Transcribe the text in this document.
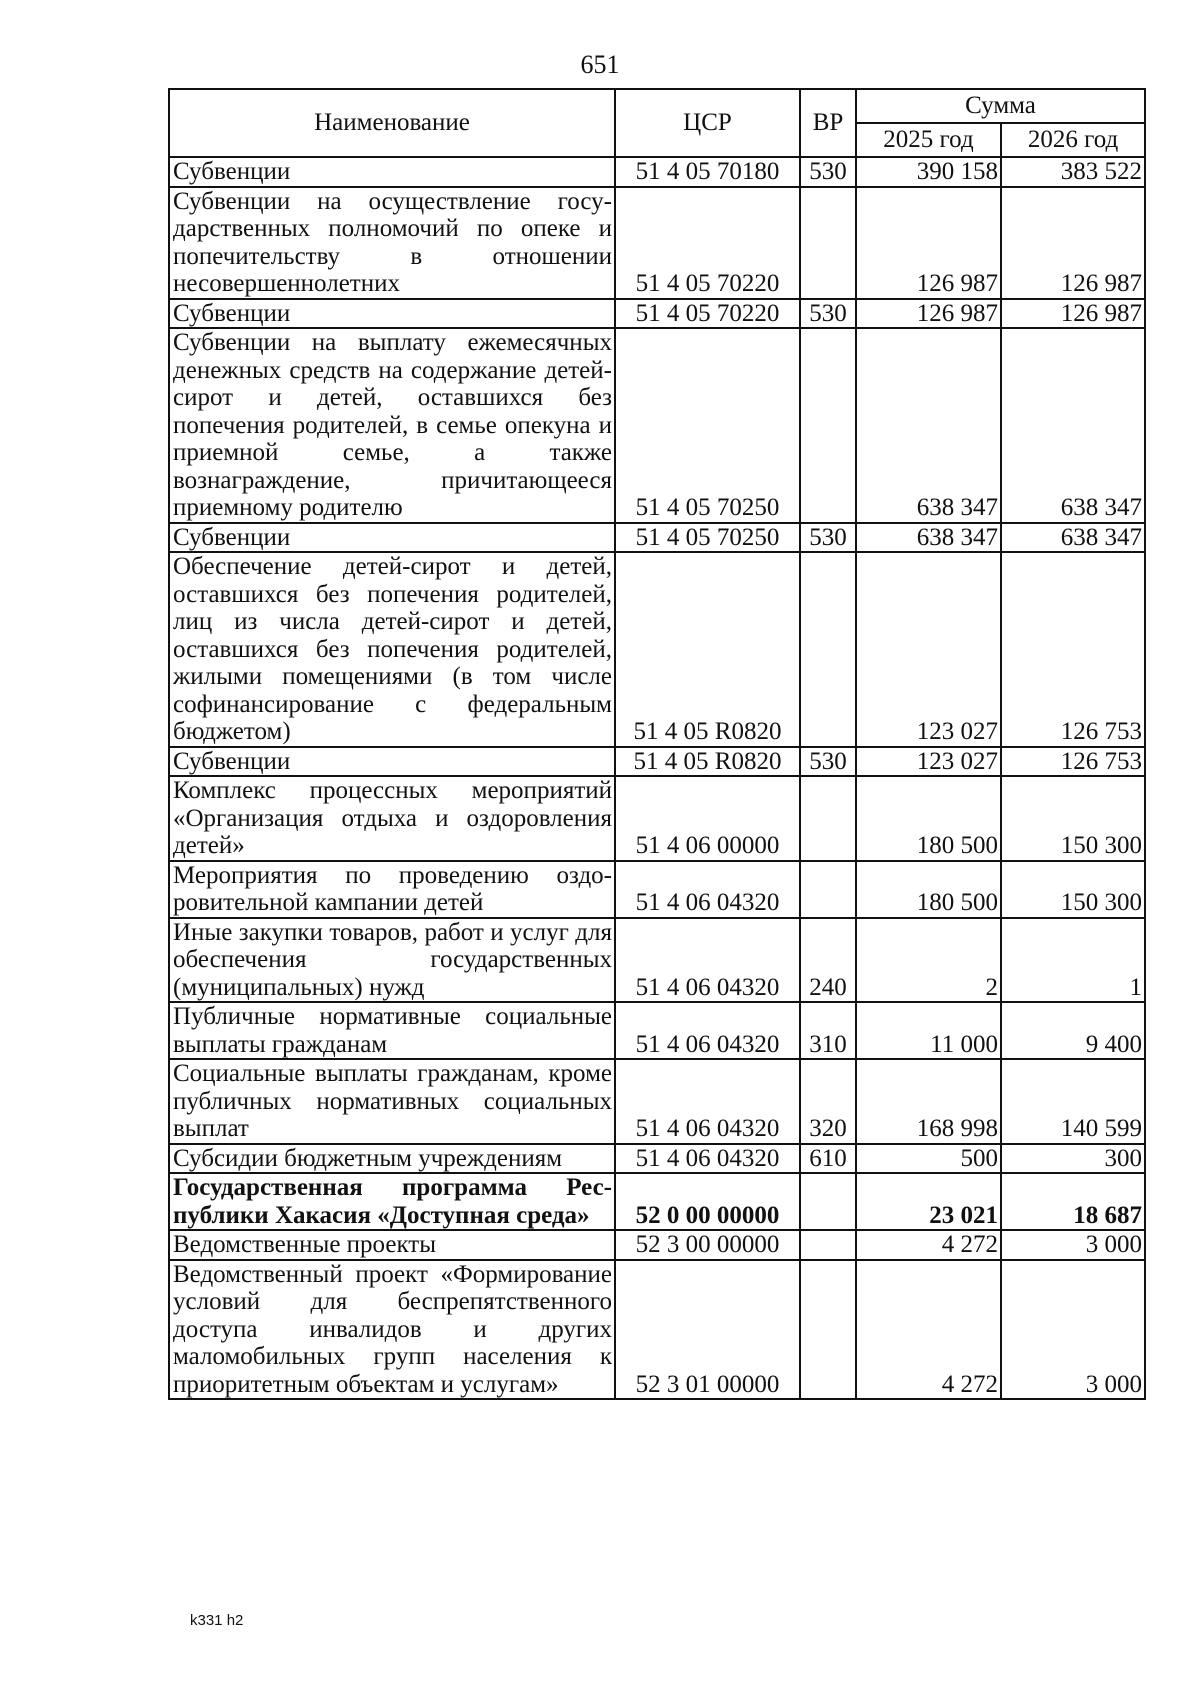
651
Наименование	ЦСР	ВР	Сумма	
			2025 год	2026 год
Субвенции	51 4 05 70180	530	390 158	383 522
Субвенции на осуществление государственных полномочий по опеке и попечительству в отношении несовершеннолетних	51 4 05 70220		126 987	126 987
Субвенции	51 4 05 70220	530	126 987	126 987
Субвенции на выплату ежемесячных денежных средств на содержание детей-сирот и детей, оставшихся без попечения родителей, в семье опекуна и приемной семье, а также вознаграждение, причитающееся приемному родителю	51 4 05 70250		638 347	638 347
Субвенции	51 4 05 70250	530	638 347	638 347
Обеспечение детей-сирот и детей, оставшихся без попечения родителей, лиц из числа детей-сирот и детей, оставшихся без попечения родителей, жилыми помещениями (в том числе софинансирование с федеральным бюджетом)	51 4 05 R0820		123 027	126 753
Субвенции	51 4 05 R0820	530	123 027	126 753
Комплекс процессных мероприятий «Организация отдыха и оздоровления детей»	51 4 06 00000		180 500	150 300
Мероприятия по проведению оздоровительной кампании детей	51 4 06 04320		180 500	150 300
Иные закупки товаров, работ и услуг для обеспечения государственных (муниципальных) нужд	51 4 06 04320	240	2	1
Публичные нормативные социальные выплаты гражданам	51 4 06 04320	310	11 000	9 400
Социальные выплаты гражданам, кроме публичных нормативных социальных выплат	51 4 06 04320	320	168 998	140 599
Субсидии бюджетным учреждениям	51 4 06 04320	610	500	300
Государственная программа Республики Хакасия «Доступная среда»	52 0 00 00000		23 021	18 687
Ведомственные проекты	52 3 00 00000		4 272	3 000
Ведомственный проект «Формирование условий для беспрепятственного доступа инвалидов и других маломобильных групп населения к приоритетным объектам и услугам»	52 3 01 00000		4 272	3 000
k331 h2
